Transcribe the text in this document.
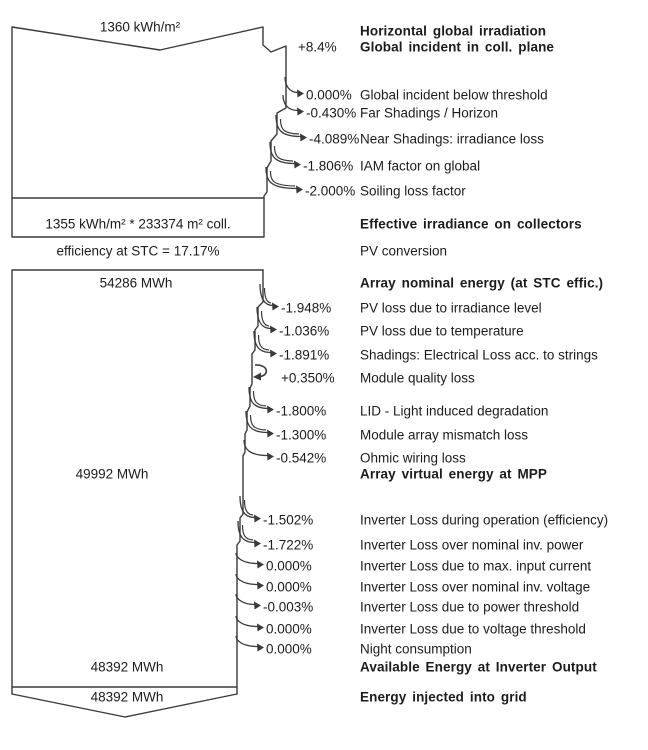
1360 kWh/m²	Horizontal global irradiation
+8.4% Global incident in coll. plane
1355 kWh/m² * 233374 m² coll.	Effective irradiance on collectors
efficiency at STC = 17.17%	PV conversion
54286 MWh	Array nominal energy (at STC effic.)
49992 MWh	Array virtual energy at MPP
48392 MWh	Available Energy at Inverter Output
48392 MWh	Energy injected into grid
0.000% Global incident below threshold
-0.430% Far Shadings / Horizon
-4.089% Near Shadings: irradiance loss
-1.806% IAM factor on global
-2.000% Soiling loss factor
-1.948% PV loss due to irradiance level
-1.036% PV loss due to temperature
-1.891% Shadings: Electrical Loss acc. to strings
+0.350% Module quality loss
-1.800% LID - Light induced degradation
-1.300% Module array mismatch loss
-0.542% Ohmic wiring loss
-1.502%	Inverter Loss during operation (efficiency)
-1.722%	Inverter Loss over nominal inv. power
0.000%	Inverter Loss due to max. input current
0.000%	Inverter Loss over nominal inv. voltage
-0.003%	Inverter Loss due to power threshold
0.000%	Inverter Loss due to voltage threshold
0.000%	Night consumption
